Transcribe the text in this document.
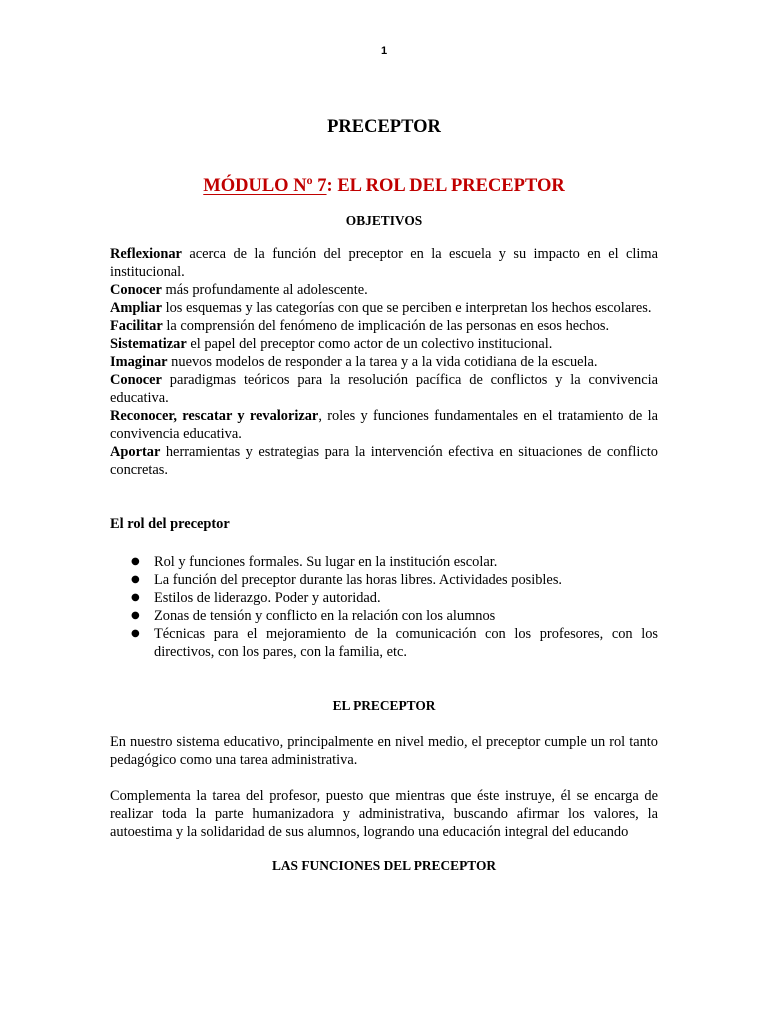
1
PRECEPTOR
MÓDULO Nº 7: EL ROL DEL PRECEPTOR
OBJETIVOS

Reflexionar acerca de la función del preceptor en la escuela y su impacto en el clima institucional.

Conocer más profundamente al adolescente.

Ampliar los esquemas y las categorías con que se perciben e interpretan los hechos escolares.

Facilitar la comprensión del fenómeno de implicación de las personas en esos hechos.

Sistematizar el papel del preceptor como actor de un colectivo institucional.

Imaginar nuevos modelos de responder a la tarea y a la vida cotidiana de la escuela.

Conocer paradigmas teóricos para la resolución pacífica de conflictos y la convivencia educativa.

Reconocer, rescatar y revalorizar, roles y funciones fundamentales en el tratamiento de la convivencia educativa.

Aportar herramientas y estrategias para la intervención efectiva en situaciones de conflicto concretas.

El rol del preceptor
● Rol y funciones formales. Su lugar en la institución escolar.
● La función del preceptor durante las horas libres. Actividades posibles.
● Estilos de liderazgo. Poder y autoridad.
● Zonas de tensión y conflicto en la relación con los alumnos
● Técnicas para el mejoramiento de la comunicación con los profesores, con los directivos, con los pares, con la familia, etc.
EL PRECEPTOR

En nuestro sistema educativo, principalmente en nivel medio, el preceptor cumple un rol tanto pedagógico como una tarea administrativa.

Complementa la tarea del profesor, puesto que mientras que éste instruye, él se encarga de realizar toda la parte humanizadora y administrativa, buscando afirmar los valores, la autoestima y la solidaridad de sus alumnos, logrando una educación integral del educando

LAS FUNCIONES DEL PRECEPTOR
